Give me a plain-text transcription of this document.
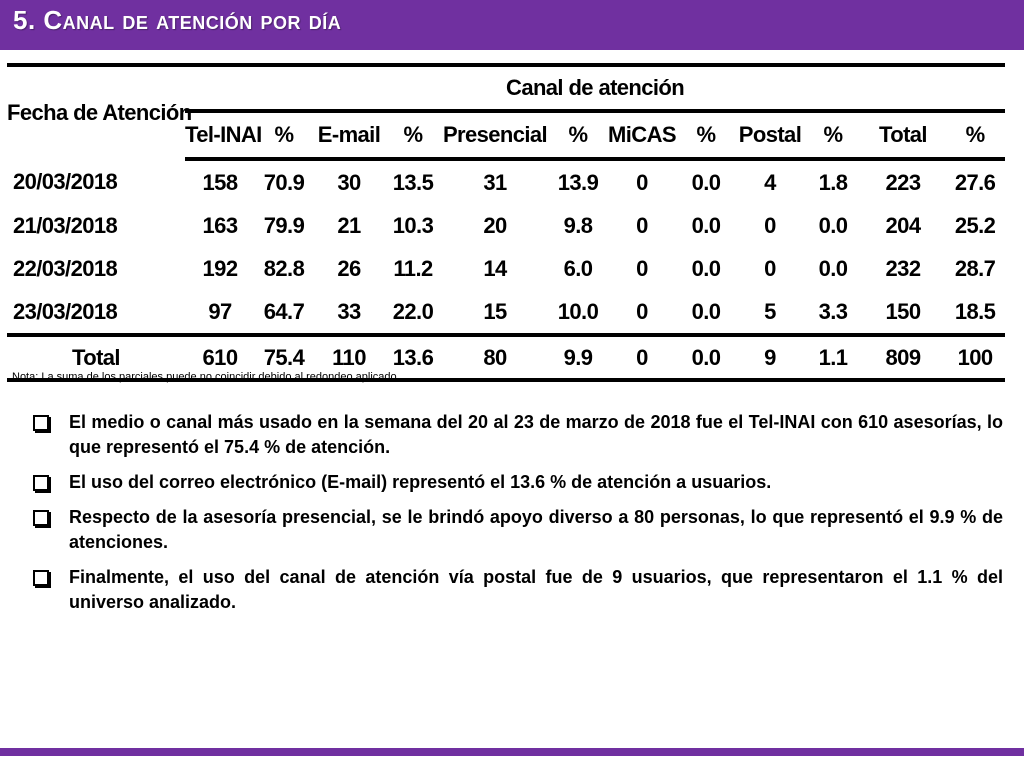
5. Canal de atención por día
Fecha de Atención	Canal de atención											
	Tel-INAI	%	E-mail	%	Presencial	%	MiCAS	%	Postal	%	Total	%
20/03/2018	158	70.9	30	13.5	31	13.9	0	0.0	4	1.8	223	27.6
21/03/2018	163	79.9	21	10.3	20	9.8	0	0.0	0	0.0	204	25.2
22/03/2018	192	82.8	26	11.2	14	6.0	0	0.0	0	0.0	232	28.7
23/03/2018	97	64.7	33	22.0	15	10.0	0	0.0	5	3.3	150	18.5
Total	610	75.4	110	13.6	80	9.9	0	0.0	9	1.1	809	100
Nota: La suma de los parciales puede no coincidir debido al redondeo aplicado.
El medio o canal más usado en la semana del 20 al 23 de marzo de 2018 fue el Tel-INAI con 610 asesorías, lo que representó el 75.4 % de atención.
El uso del correo electrónico (E-mail) representó el 13.6 % de atención a usuarios.
Respecto de la asesoría presencial, se le brindó apoyo diverso a 80 personas, lo que representó el 9.9 % de atenciones.
Finalmente, el uso del canal de atención vía postal fue de 9 usuarios, que representaron el 1.1 % del universo analizado.
